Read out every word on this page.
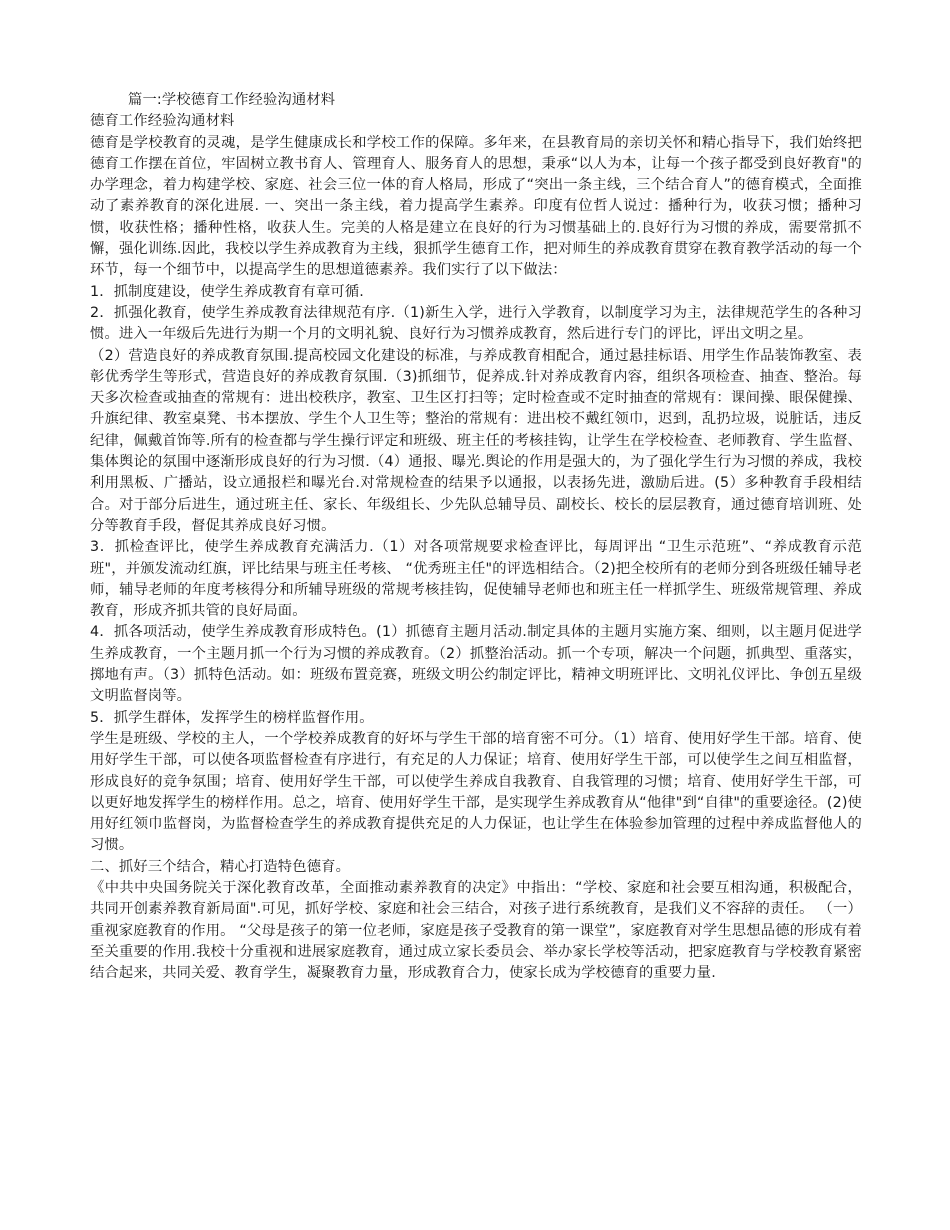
篇一:学校德育工作经验沟通材料
德育工作经验沟通材料

德育是学校教育的灵魂，是学生健康成长和学校工作的保障。多年来，在县教育局的亲切关怀和精心指导下，我们始终把德育工作摆在首位，牢固树立教书育人、管理育人、服务育人的思想，秉承“以人为本，让每一个孩子都受到良好教育"的办学理念，着力构建学校、家庭、社会三位一体的育人格局，形成了“突出一条主线，三个结合育人”的德育模式，全面推动了素养教育的深化进展. 一、突出一条主线，着力提高学生素养。印度有位哲人说过：播种行为，收获习惯；播种习惯，收获性格；播种性格，收获人生。完美的人格是建立在良好的行为习惯基础上的.良好行为习惯的养成，需要常抓不懈，强化训练.因此，我校以学生养成教育为主线，狠抓学生德育工作，把对师生的养成教育贯穿在教育教学活动的每一个环节，每一个细节中，以提高学生的思想道德素养。我们实行了以下做法：

1．抓制度建设，使学生养成教育有章可循.

2．抓强化教育，使学生养成教育法律规范有序.（1)新生入学，进行入学教育，以制度学习为主，法律规范学生的各种习惯。进入一年级后先进行为期一个月的文明礼貌、良好行为习惯养成教育，然后进行专门的评比，评出文明之星。

（2）营造良好的养成教育氛围.提高校园文化建设的标准，与养成教育相配合，通过悬挂标语、用学生作品装饰教室、表彰优秀学生等形式，营造良好的养成教育氛围.（3)抓细节，促养成.针对养成教育内容，组织各项检查、抽查、整治。每天多次检查或抽查的常规有：进出校秩序，教室、卫生区打扫等；定时检查或不定时抽查的常规有：课间操、眼保健操、升旗纪律、教室桌凳、书本摆放、学生个人卫生等；整治的常规有：进出校不戴红领巾，迟到，乱扔垃圾，说脏话，违反纪律，佩戴首饰等.所有的检查都与学生操行评定和班级、班主任的考核挂钩，让学生在学校检查、老师教育、学生监督、集体舆论的氛围中逐渐形成良好的行为习惯.（4）通报、曝光.舆论的作用是强大的，为了强化学生行为习惯的养成，我校利用黑板、广播站，设立通报栏和曝光台.对常规检查的结果予以通报，以表扬先进，激励后进。(5）多种教育手段相结合。对于部分后进生，通过班主任、家长、年级组长、少先队总辅导员、副校长、校长的层层教育，通过德育培训班、处分等教育手段，督促其养成良好习惯。

3．抓检查评比，使学生养成教育充满活力.（1）对各项常规要求检查评比，每周评出 “卫生示范班”、“养成教育示范班"，并颁发流动红旗，评比结果与班主任考核、 “优秀班主任"的评选相结合。（2)把全校所有的老师分到各班级任辅导老师，辅导老师的年度考核得分和所辅导班级的常规考核挂钩，促使辅导老师也和班主任一样抓学生、班级常规管理、养成教育，形成齐抓共管的良好局面。

4．抓各项活动，使学生养成教育形成特色。(1）抓德育主题月活动.制定具体的主题月实施方案、细则，以主题月促进学生养成教育，一个主题月抓一个行为习惯的养成教育。（2）抓整治活动。抓一个专项，解决一个问题，抓典型、重落实，掷地有声。（3）抓特色活动。如：班级布置竞赛，班级文明公约制定评比，精神文明班评比、文明礼仪评比、争创五星级文明监督岗等。

5．抓学生群体，发挥学生的榜样监督作用。

学生是班级、学校的主人，一个学校养成教育的好坏与学生干部的培育密不可分。（1）培育、使用好学生干部。培育、使用好学生干部，可以使各项监督检查有序进行，有充足的人力保证；培育、使用好学生干部，可以使学生之间互相监督，形成良好的竞争氛围；培育、使用好学生干部，可以使学生养成自我教育、自我管理的习惯；培育、使用好学生干部，可以更好地发挥学生的榜样作用。总之，培育、使用好学生干部，是实现学生养成教育从“他律"到“自律"的重要途径。(2)使用好红领巾监督岗，为监督检查学生的养成教育提供充足的人力保证，也让学生在体验参加管理的过程中养成监督他人的习惯。

二、抓好三个结合，精心打造特色德育。

《中共中央国务院关于深化教育改革，全面推动素养教育的决定》中指出：“学校、家庭和社会要互相沟通，积极配合，共同开创素养教育新局面".可见，抓好学校、家庭和社会三结合，对孩子进行系统教育，是我们义不容辞的责任。 （一）重视家庭教育的作用。 “父母是孩子的第一位老师，家庭是孩子受教育的第一课堂”，家庭教育对学生思想品德的形成有着至关重要的作用.我校十分重视和进展家庭教育，通过成立家长委员会、举办家长学校等活动，把家庭教育与学校教育紧密结合起来，共同关爱、教育学生，凝聚教育力量，形成教育合力，使家长成为学校德育的重要力量.
